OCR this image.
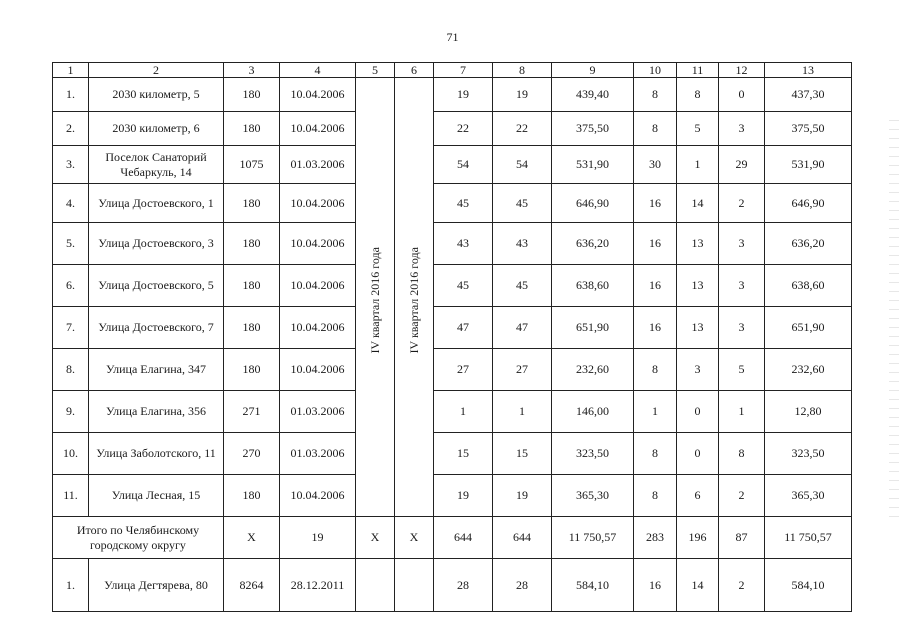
71
1	2	3	4	5	6	7	8	9	10	11	12	13
1.	2030 километр, 5	180	10.04.2006	IV квартал 2016 года	IV квартал 2016 года	19	19	439,40	8	8	0	437,30
2.	2030 километр, 6	180	10.04.2006			22	22	375,50	8	5	3	375,50
3.	Поселок Санаторий Чебаркуль, 14	1075	01.03.2006			54	54	531,90	30	1	29	531,90
4.	Улица Достоевского, 1	180	10.04.2006			45	45	646,90	16	14	2	646,90
5.	Улица Достоевского, 3	180	10.04.2006			43	43	636,20	16	13	3	636,20
6.	Улица Достоевского, 5	180	10.04.2006			45	45	638,60	16	13	3	638,60
7.	Улица Достоевского, 7	180	10.04.2006			47	47	651,90	16	13	3	651,90
8.	Улица Елагина, 347	180	10.04.2006			27	27	232,60	8	3	5	232,60
9.	Улица Елагина, 356	271	01.03.2006			1	1	146,00	1	0	1	12,80
10.	Улица Заболотского, 11	270	01.03.2006			15	15	323,50	8	0	8	323,50
11.	Улица Лесная, 15	180	10.04.2006			19	19	365,30	8	6	2	365,30
Итого по Челябинскому городскому округу		X	19	X	X	644	644	11 750,57	283	196	87	11 750,57
1.	Улица Дегтярева, 80	8264	28.12.2011			28	28	584,10	16	14	2	584,10
